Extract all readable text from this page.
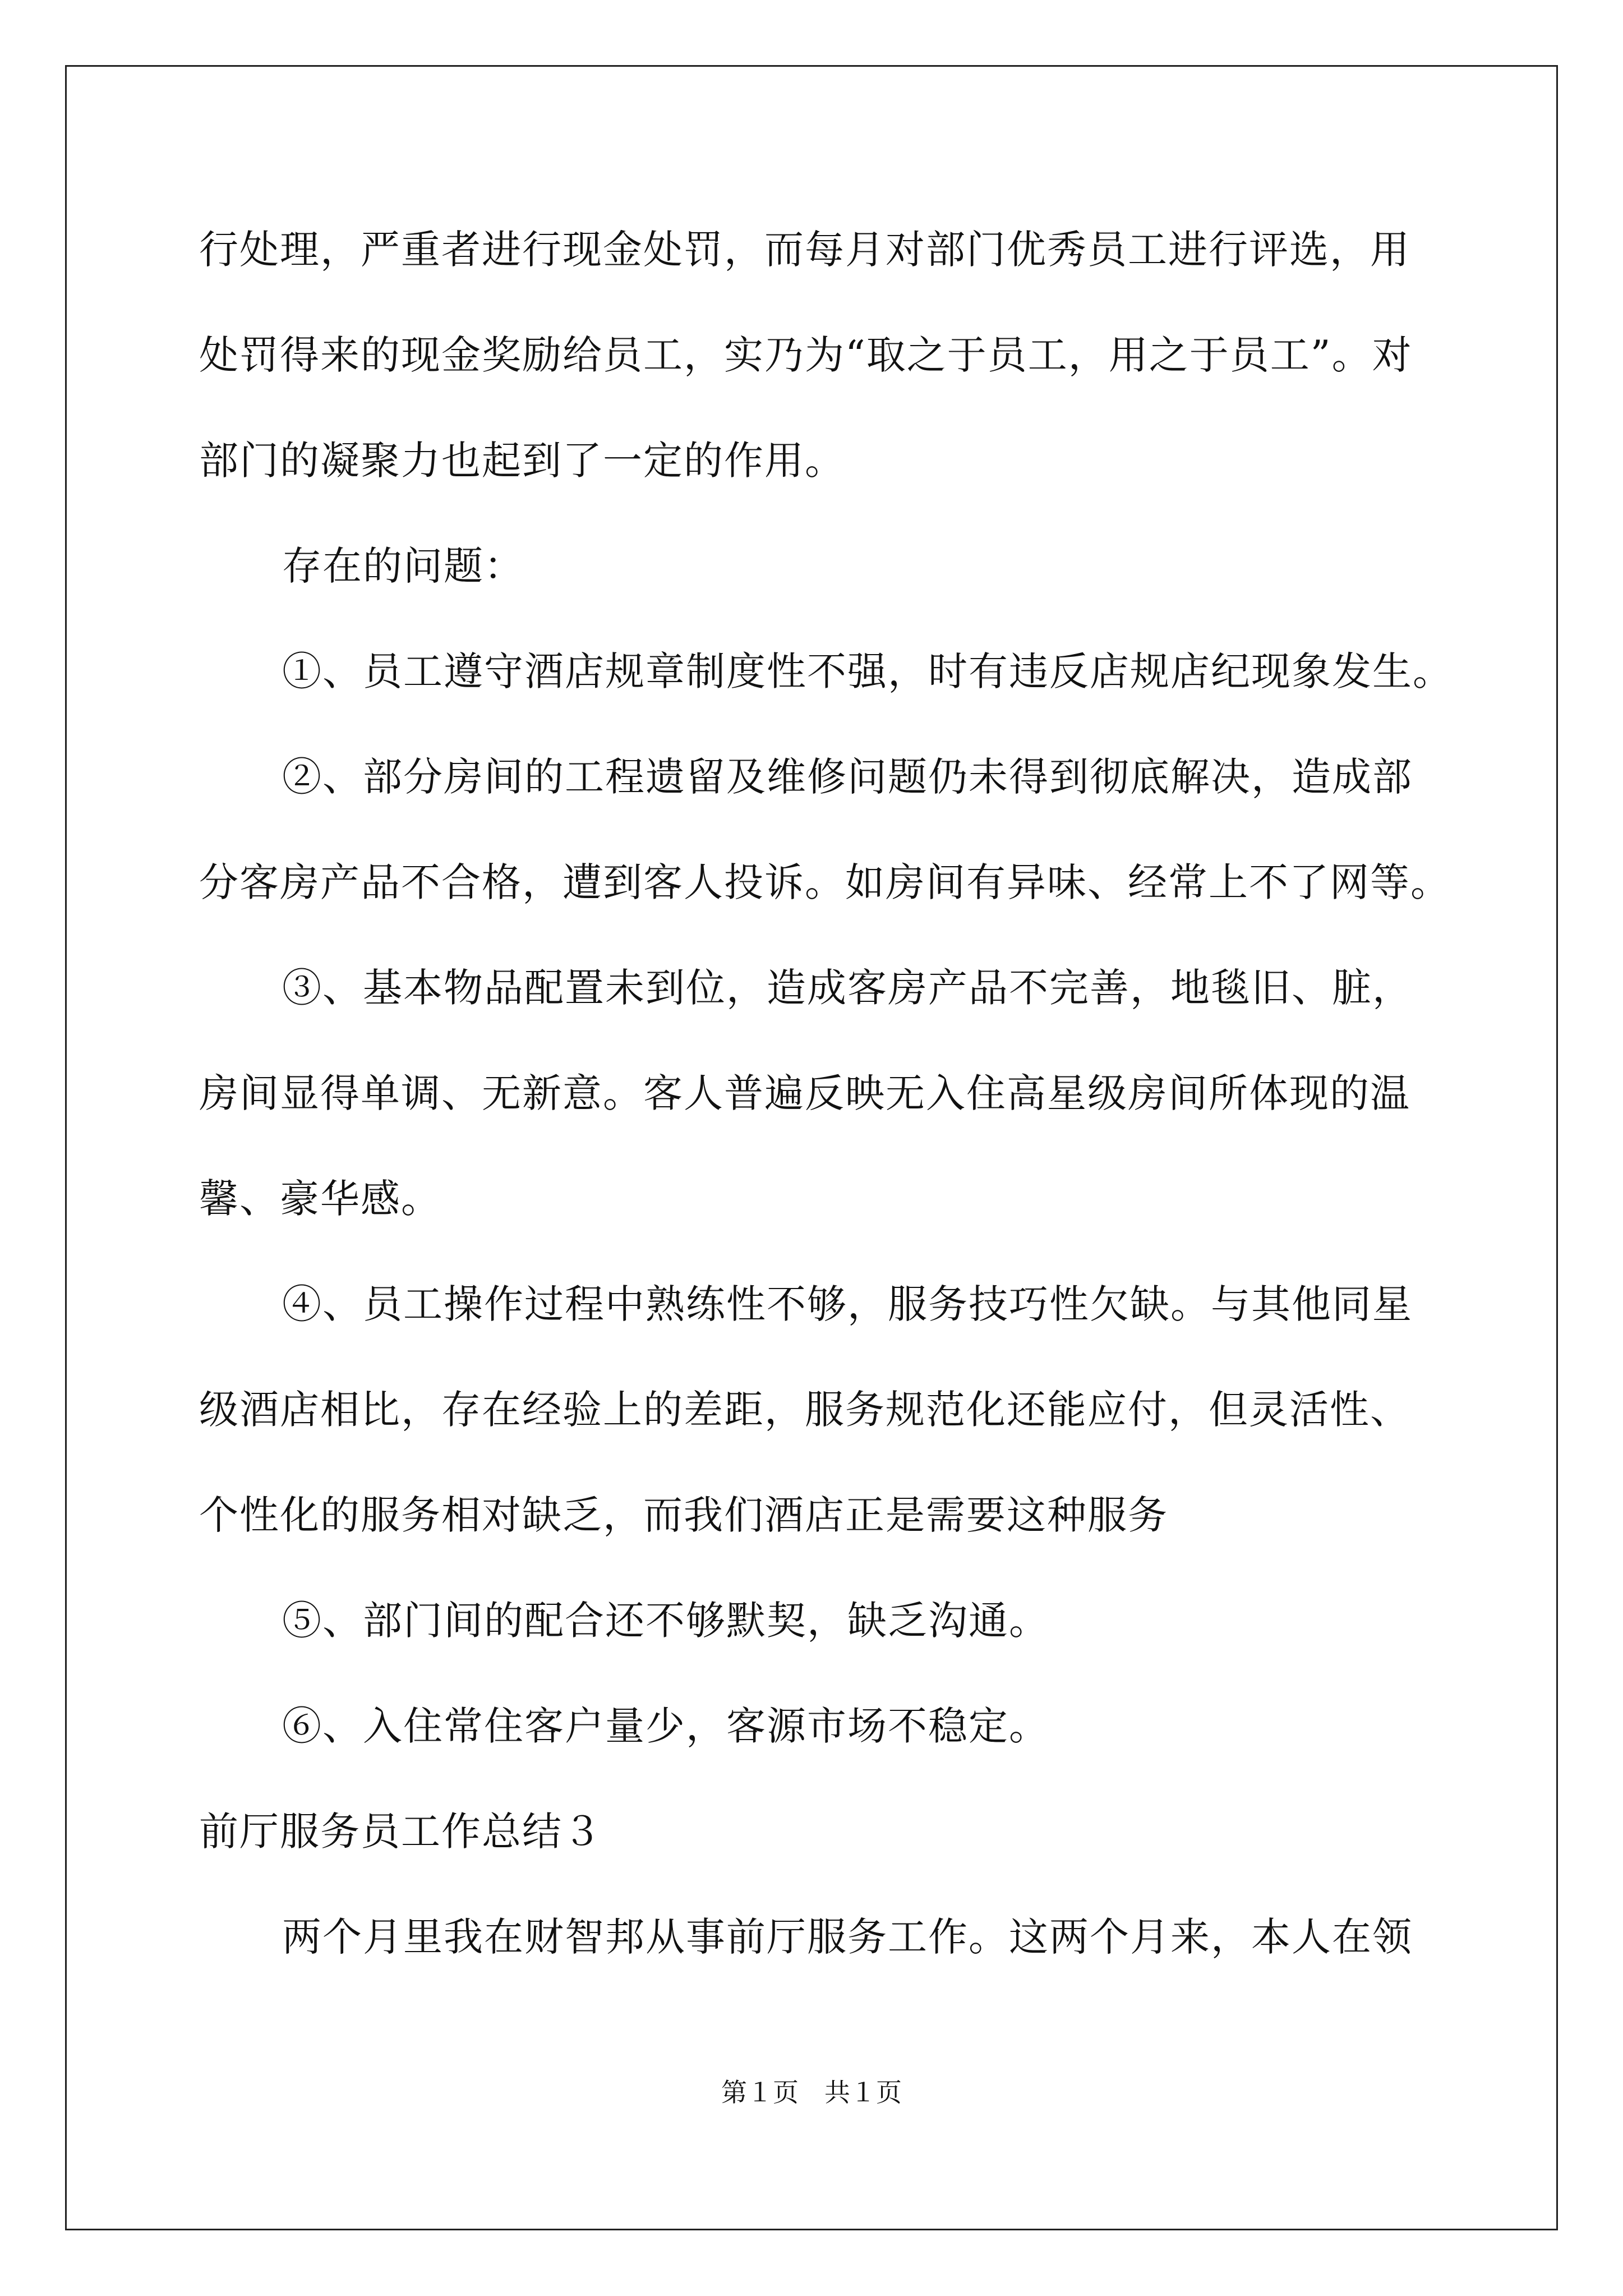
行处理，严重者进行现金处罚，而每月对部门优秀员工进行评选，用
处罚得来的现金奖励给员工，实乃为“取之于员工，用之于员工”。对
部门的凝聚力也起到了一定的作用。
存在的问题：
①、员工遵守酒店规章制度性不强，时有违反店规店纪现象发生。
②、部分房间的工程遗留及维修问题仍未得到彻底解决，造成部
分客房产品不合格，遭到客人投诉。如房间有异味、经常上不了网等。
③、基本物品配置未到位，造成客房产品不完善，地毯旧、脏，
房间显得单调、无新意。客人普遍反映无入住高星级房间所体现的温
馨、豪华感。
④、员工操作过程中熟练性不够，服务技巧性欠缺。与其他同星
级酒店相比，存在经验上的差距，服务规范化还能应付，但灵活性、
个性化的服务相对缺乏，而我们酒店正是需要这种服务
⑤、部门间的配合还不够默契，缺乏沟通。
⑥、入住常住客户量少，客源市场不稳定。
前厅服务员工作总结３
两个月里我在财智邦从事前厅服务工作。这两个月来，本人在领
第１页　共１页
